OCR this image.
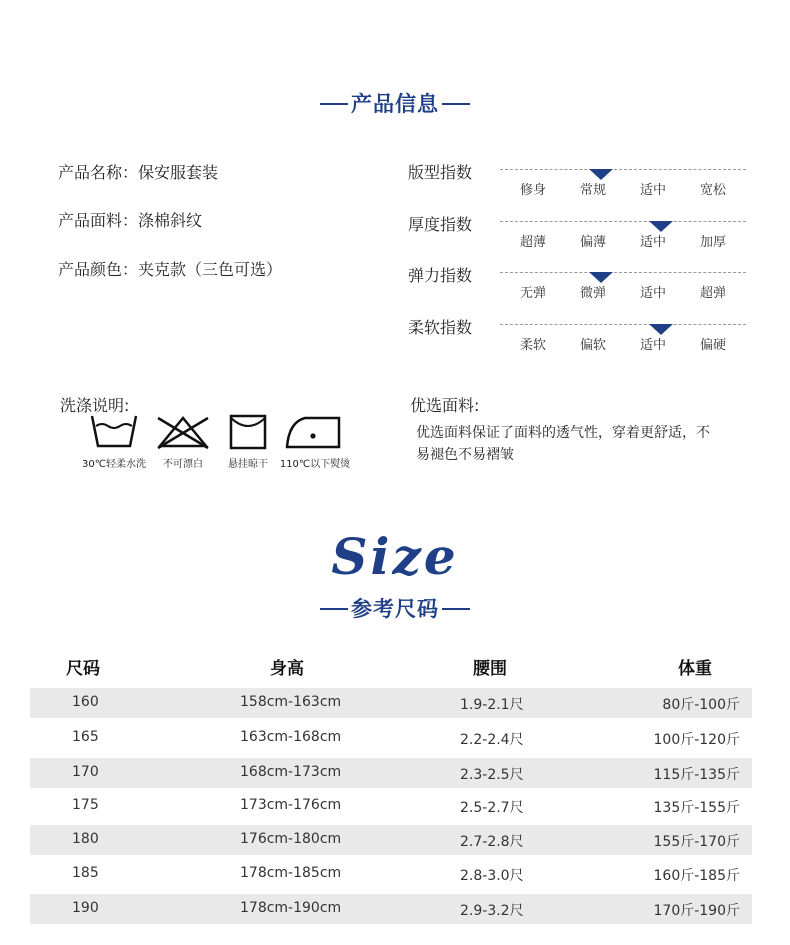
产品信息
产品名称：保安服套装
产品面料：涤棉斜纹
产品颜色：夹克款（三色可选）
版型指数
修身	常规	适中	宽松
厚度指数
超薄	偏薄	适中	加厚
弹力指数
无弹	微弹	适中	超弹
柔软指数
柔软	偏软	适中	偏硬
洗涤说明:
30℃轻柔水洗	不可漂白	悬挂晾干	110℃以下熨烫
优选面料:
优选面料保证了面料的透气性，穿着更舒适，不易褪色不易褶皱
Size
参考尺码
尺码	身高	腰围	体重
160	158cm-163cm	1.9-2.1尺	80斤-100斤
165	163cm-168cm	2.2-2.4尺	100斤-120斤
170	168cm-173cm	2.3-2.5尺	115斤-135斤
175	173cm-176cm	2.5-2.7尺	135斤-155斤
180	176cm-180cm	2.7-2.8尺	155斤-170斤
185	178cm-185cm	2.8-3.0尺	160斤-185斤
190	178cm-190cm	2.9-3.2尺	170斤-190斤
